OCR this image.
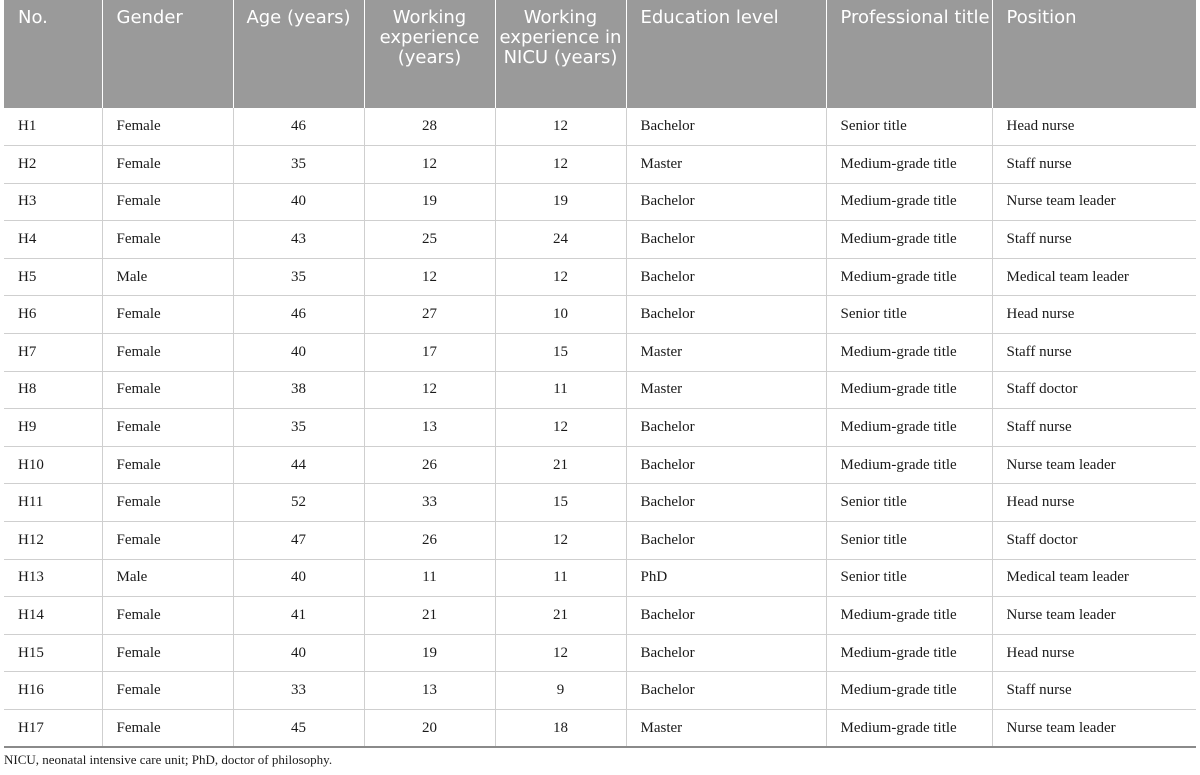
No.	Gender	Age (years)	Working experience (years)	Working experience in NICU (years)	Education level	Professional title	Position
H1	Female	46	28	12	Bachelor	Senior title	Head nurse
H2	Female	35	12	12	Master	Medium-grade title	Staff nurse
H3	Female	40	19	19	Bachelor	Medium-grade title	Nurse team leader
H4	Female	43	25	24	Bachelor	Medium-grade title	Staff nurse
H5	Male	35	12	12	Bachelor	Medium-grade title	Medical team leader
H6	Female	46	27	10	Bachelor	Senior title	Head nurse
H7	Female	40	17	15	Master	Medium-grade title	Staff nurse
H8	Female	38	12	11	Master	Medium-grade title	Staff doctor
H9	Female	35	13	12	Bachelor	Medium-grade title	Staff nurse
H10	Female	44	26	21	Bachelor	Medium-grade title	Nurse team leader
H11	Female	52	33	15	Bachelor	Senior title	Head nurse
H12	Female	47	26	12	Bachelor	Senior title	Staff doctor
H13	Male	40	11	11	PhD	Senior title	Medical team leader
H14	Female	41	21	21	Bachelor	Medium-grade title	Nurse team leader
H15	Female	40	19	12	Bachelor	Medium-grade title	Head nurse
H16	Female	33	13	9	Bachelor	Medium-grade title	Staff nurse
H17	Female	45	20	18	Master	Medium-grade title	Nurse team leader
NICU, neonatal intensive care unit; PhD, doctor of philosophy.
